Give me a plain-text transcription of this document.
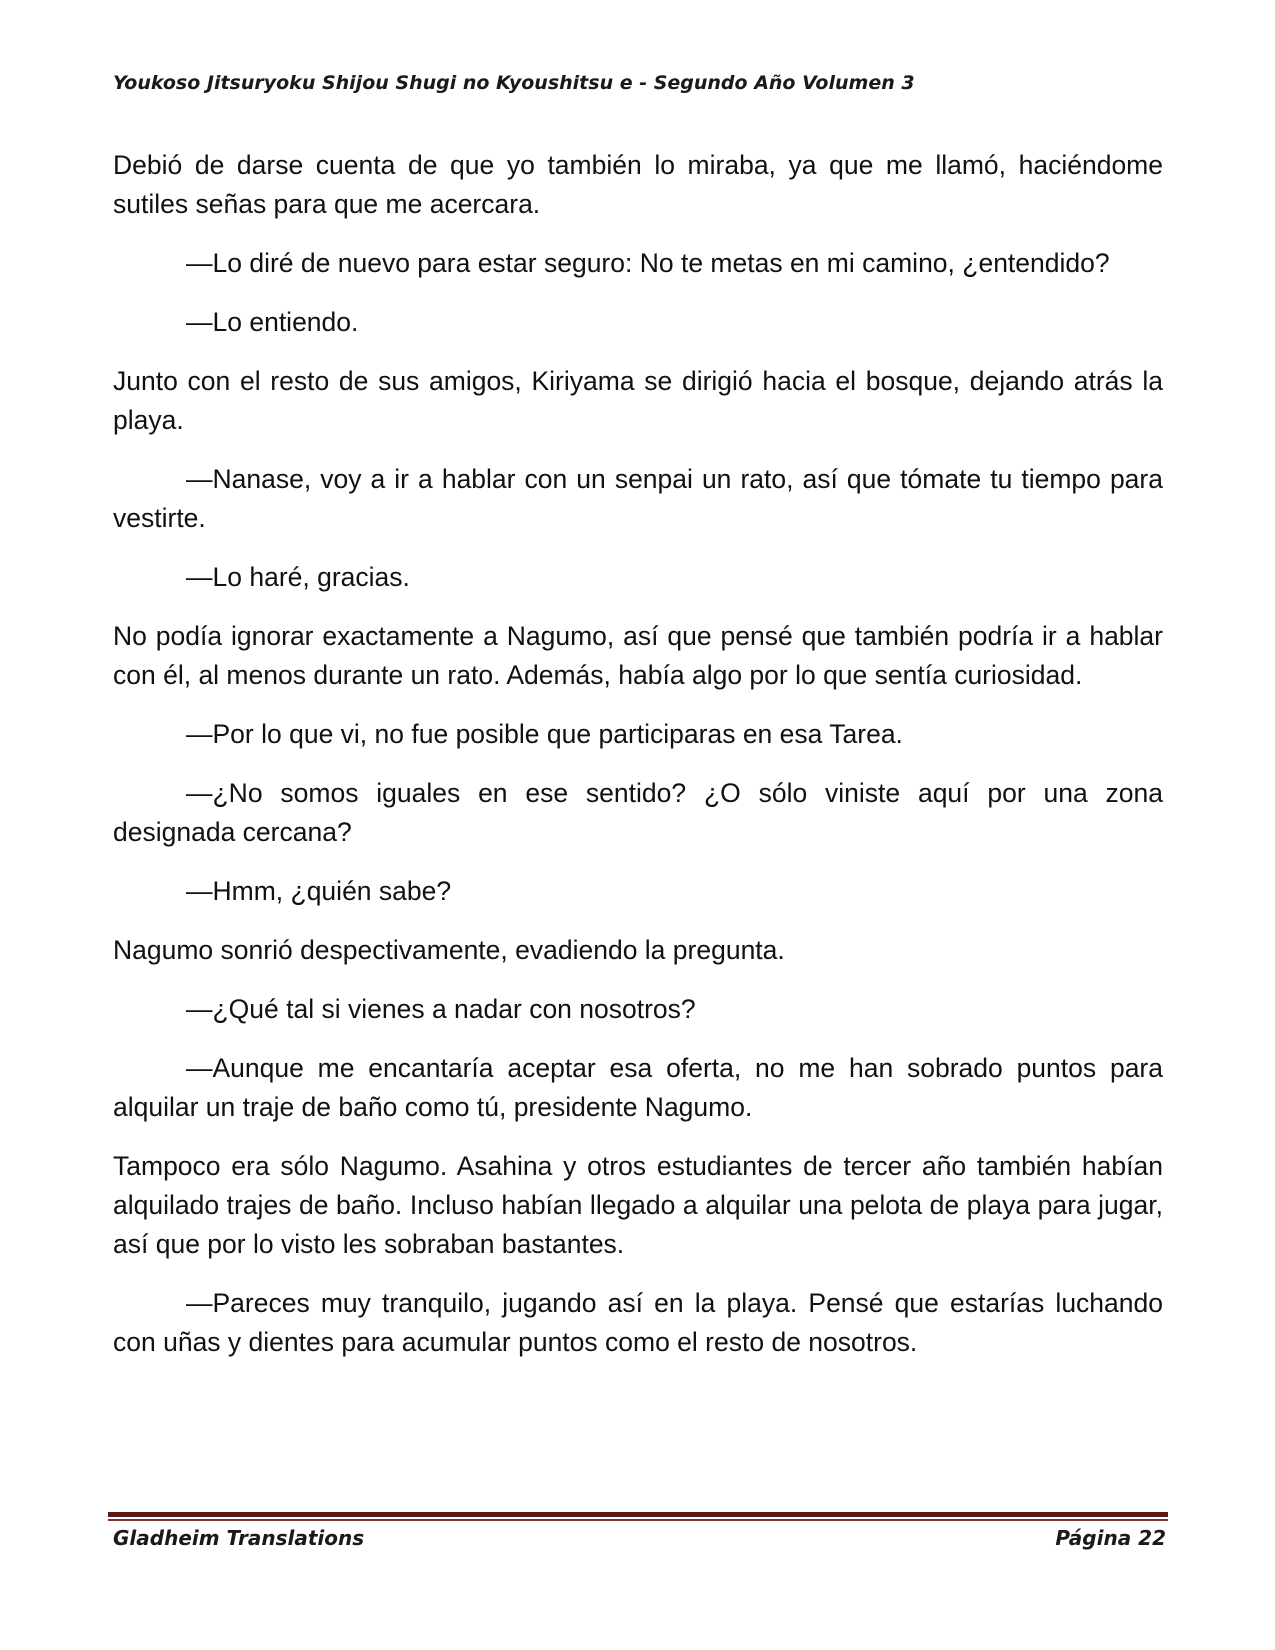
Youkoso Jitsuryoku Shijou Shugi no Kyoushitsu e - Segundo Año Volumen 3

Debió de darse cuenta de que yo también lo miraba, ya que me llamó, haciéndome sutiles señas para que me acercara.

—Lo diré de nuevo para estar seguro: No te metas en mi camino, ¿entendido?

—Lo entiendo.

Junto con el resto de sus amigos, Kiriyama se dirigió hacia el bosque, dejando atrás la playa.

—Nanase, voy a ir a hablar con un senpai un rato, así que tómate tu tiempo para vestirte.

—Lo haré, gracias.

No podía ignorar exactamente a Nagumo, así que pensé que también podría ir a hablar con él, al menos durante un rato. Además, había algo por lo que sentía curiosidad.

—Por lo que vi, no fue posible que participaras en esa Tarea.

—¿No somos iguales en ese sentido? ¿O sólo viniste aquí por una zona designada cercana?

—Hmm, ¿quién sabe?

Nagumo sonrió despectivamente, evadiendo la pregunta.

—¿Qué tal si vienes a nadar con nosotros?

—Aunque me encantaría aceptar esa oferta, no me han sobrado puntos para alquilar un traje de baño como tú, presidente Nagumo.

Tampoco era sólo Nagumo. Asahina y otros estudiantes de tercer año también habían alquilado trajes de baño. Incluso habían llegado a alquilar una pelota de playa para jugar, así que por lo visto les sobraban bastantes.

—Pareces muy tranquilo, jugando así en la playa. Pensé que estarías luchando con uñas y dientes para acumular puntos como el resto de nosotros.

Gladheim Translations	Página 22
